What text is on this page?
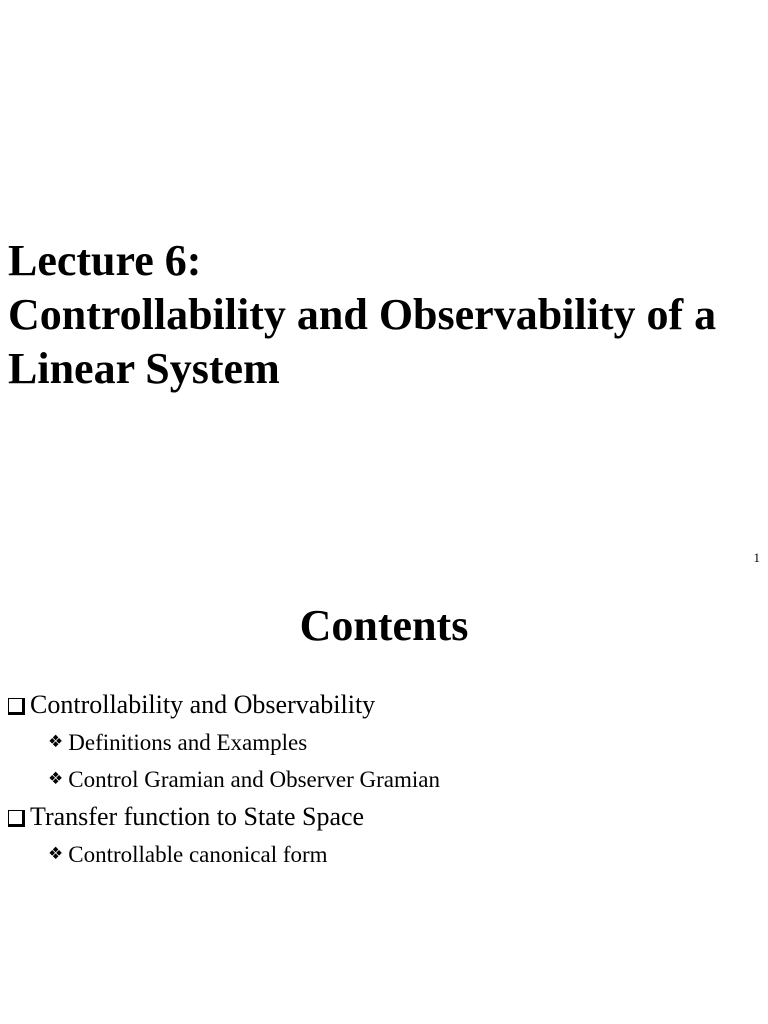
Lecture 6:
Controllability and Observability of a
Linear System
1
Contents
Controllability and Observability
❖ Definitions and Examples
❖ Control Gramian and Observer Gramian
Transfer function to State Space
❖ Controllable canonical form
